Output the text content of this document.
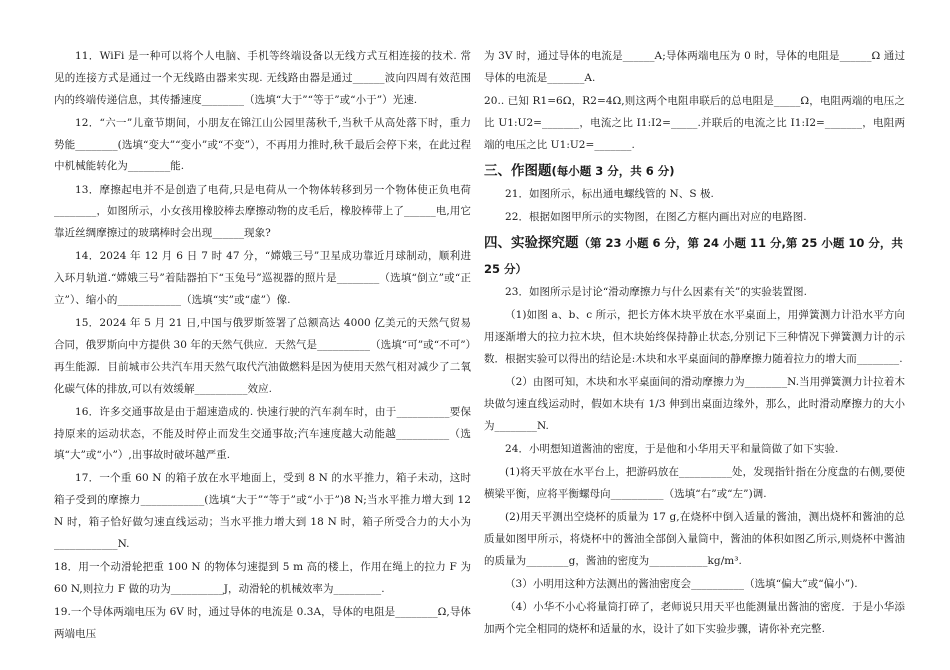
11．WiFi 是一种可以将个人电脑、手机等终端设备以无线方式互相连接的技术. 常见的连接方式是通过一个无线路由器来实现. 无线路由器是通过______波向四周有效范围内的终端传递信息，其传播速度________（选填“大于”“等于”或“小于”）光速.

12．“六一”儿童节期间，小朋友在锦江山公园里荡秋千,当秋千从高处落下时，重力势能________(选填“变大”“变小”或“不变”），不再用力推时,秋千最后会停下来，在此过程中机械能转化为________能.

13．摩擦起电并不是创造了电荷,只是电荷从一个物体转移到另一个物体使正负电荷________，如图所示，小女孩用橡胶棒去摩擦动物的皮毛后，橡胶棒带上了______电,用它靠近丝绸摩擦过的玻璃棒时会出现______现象?

14．2024 年 12 月 6 日 7 时 47 分，“嫦娥三号”卫星成功靠近月球制动，顺利进入环月轨道.“嫦娥三号”着陆器拍下“玉兔号”巡视器的照片是________（选填“倒立”或“正立”）、缩小的____________（选填“实”或“虚”）像.

15．2024 年 5 月 21 日,中国与俄罗斯签署了总额高达 4000 亿美元的天然气贸易合同，俄罗斯向中方提供 30 年的天然气供应．天然气是__________（选填“可”或“不可”）再生能源．目前城市公共汽车用天然气取代汽油做燃料是因为使用天然气相对减少了二氧化碳气体的排放,可以有效缓解__________效应.

16．许多交通事故是由于超速造成的. 快速行驶的汽车刹车时，由于__________要保持原来的运动状态，不能及时停止而发生交通事故;汽车速度越大动能越__________（选填“大”或“小”）,出事故时破坏越严重.

17．一个重 60 N 的箱子放在水平地面上，受到 8 N 的水平推力，箱子未动，这时箱子受到的摩擦力____________(选填“大于”“等于”或“小于”)8 N;当水平推力增大到 12 N 时，箱子恰好做匀速直线运动；当水平推力增大到 18 N 时，箱子所受合力的大小为____________N.

18．用一个动滑轮把重 100 N 的物体匀速提到 5 m 高的楼上，作用在绳上的拉力 F 为 60 N,则拉力 F 做的功为__________J，动滑轮的机械效率为_________.

19.一个导体两端电压为 6V 时，通过导体的电流是 0.3A，导体的电阻是________Ω,导体两端电压

为 3V 时，通过导体的电流是______A;导体两端电压为 0 时，导体的电阻是______Ω 通过导体的电流是_______A.

20.. 已知 R1=6Ω，R2=4Ω,则这两个电阻串联后的总电阻是_____Ω，电阻两端的电压之比 U1:U2=_______，电流之比 I1:I2=_____.并联后的电流之比 I1:I2=_______，电阻两端的电压之比 U1:U2=_______.

三、作图题(每小题 3 分，共 6 分)

21．如图所示，标出通电螺线管的 N、S 极.

22．根据如图甲所示的实物图，在图乙方框内画出对应的电路图.

四、实验探究题（第 23 小题 6 分，第 24 小题 11 分,第 25 小题 10 分，共 25 分）

23．如图所示是讨论“滑动摩擦力与什么因素有关”的实验装置图.

（1)如图 a、b、c 所示，把长方体木块平放在水平桌面上，用弹簧测力计沿水平方向用逐渐增大的拉力拉木块，但木块始终保持静止状态,分别记下三种情况下弹簧测力计的示数．根据实验可以得出的结论是:木块和水平桌面间的静摩擦力随着拉力的增大而________.

（2）由图可知，木块和水平桌面间的滑动摩擦力为________N.当用弹簧测力计拉着木块做匀速直线运动时，假如木块有 1/3 伸到出桌面边缘外，那么，此时滑动摩擦力的大小为________N.

24．小明想知道酱油的密度，于是他和小华用天平和量筒做了如下实验.

(1)将天平放在水平台上，把游码放在__________处，发现指针指在分度盘的右侧,要使横梁平衡，应将平衡螺母向__________（选填“右”或“左”)调.

(2)用天平测出空烧杯的质量为 17 g,在烧杯中倒入适量的酱油，测出烧杯和酱油的总质量如图甲所示，将烧杯中的酱油全部倒入量筒中，酱油的体积如图乙所示,则烧杯中酱油的质量为________g，酱油的密度为___________kg/m³.

（3）小明用这种方法测出的酱油密度会__________（选填“偏大”或“偏小”).

（4）小华不小心将量筒打碎了，老师说只用天平也能测量出酱油的密度．于是小华添加两个完全相同的烧杯和适量的水，设计了如下实验步骤，请你补充完整.
